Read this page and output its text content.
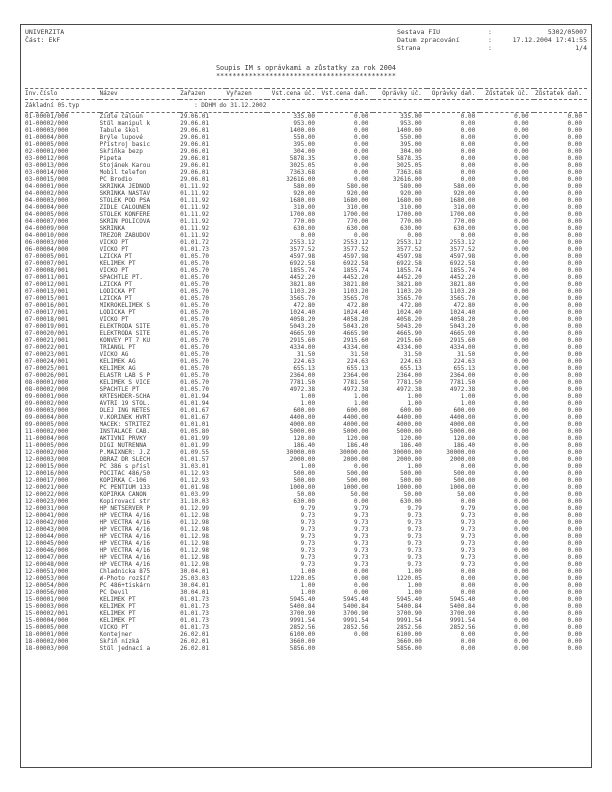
UNIVERZITA
Část: EkF
Sestava FIU	:	5302/05007
Datum zpracování	:	17.12.2004 17:41:55
Strana	:	1/4
Soupis IM s oprávkami a zůstatky za rok 2004
********************************************
Inv.číslo	Název	Zařazen	Vyřazen	Vst.cena úč.	Vst.cena daň.	Oprávky úč.	Oprávky daň.	Zůstatek úč.	Zůstatek daň.
Základní 05.typ		: DDHM do 31.12.2002							
01-00001/000	Židle čaloun	29.06.01		335.00	0.00	335.00	0.00	0.00	0.00
01-00002/000	Stůl manipul k	29.06.01		953.00	0.00	953.00	0.00	0.00	0.00
01-00003/000	Tabule škol	29.06.01		1400.00	0.00	1400.00	0.00	0.00	0.00
01-00004/000	Brýle lupové	29.06.01		550.00	0.00	550.00	0.00	0.00	0.00
01-00005/000	Přístroj basic	29.06.01		395.00	0.00	395.00	0.00	0.00	0.00
02-00001/000	Skříňka bezp	29.06.01		304.00	0.00	304.00	0.00	0.00	0.00
03-00012/000	Pipeta	29.06.01		5878.35	0.00	5878.35	0.00	0.00	0.00
03-00013/000	Stojánek Karou	29.06.01		3025.05	0.00	3025.05	0.00	0.00	0.00
03-00014/000	Mobil telefon	29.06.01		7363.68	0.00	7363.68	0.00	0.00	0.00
03-00015/000	PC Brodio	29.06.01		32616.00	0.00	32616.00	0.00	0.00	0.00
04-00001/000	SKRINKA JEDNOD	01.11.92		580.00	580.00	580.00	580.00	0.00	0.00
04-00002/000	SKRINKA NASTAV	01.11.92		920.00	920.00	920.00	920.00	0.00	0.00
04-00003/000	STOLEK POD PSA	01.11.92		1680.00	1680.00	1680.00	1680.00	0.00	0.00
04-00004/000	ZIDLE CALOUNEN	01.11.92		310.00	310.00	310.00	310.00	0.00	0.00
04-00005/000	STOLEK KONFERE	01.11.92		1700.00	1700.00	1700.00	1700.00	0.00	0.00
04-00007/000	SKRIN POLICOVA	01.11.92		770.00	770.00	770.00	770.00	0.00	0.00
04-00009/000	SKRINKA	01.11.92		630.00	630.00	630.00	630.00	0.00	0.00
04-00010/000	TREZOR ZABUDOV	01.11.92		0.00	0.00	0.00	0.00	0.00	0.00
06-00003/000	VICKO PT	01.01.72		2553.12	2553.12	2553.12	2553.12	0.00	0.00
06-00004/000	VICKO PT	01.01.73		3577.52	3577.52	3577.52	3577.52	0.00	0.00
07-00005/001	LZICKA PT	01.05.70		4597.98	4597.98	4597.98	4597.98	0.00	0.00
07-00007/001	KELIMEK PT	01.05.70		6922.58	6922.58	6922.58	6922.58	0.00	0.00
07-00008/001	VICKO PT	01.05.70		1855.74	1855.74	1855.74	1855.74	0.00	0.00
07-00011/001	SPACHTLE PT.	01.05.70		4452.20	4452.20	4452.20	4452.20	0.00	0.00
07-00012/001	LZICKA PT	01.05.70		3821.80	3821.80	3821.80	3821.80	0.00	0.00
07-00013/001	LODICKA PT	01.05.70		1103.20	1103.20	1103.20	1103.20	0.00	0.00
07-00015/001	LZICKA PT	01.05.70		3565.70	3565.70	3565.70	3565.70	0.00	0.00
07-00016/001	MIKROKELIMEK S	01.05.70		472.80	472.80	472.80	472.80	0.00	0.00
07-00017/001	LODICKA PT	01.05.70		1024.40	1024.40	1024.40	1024.40	0.00	0.00
07-00018/001	VICKO PT	01.05.70		4058.20	4058.20	4058.20	4058.20	0.00	0.00
07-00019/001	ELEKTRODA SITE	01.05.70		5043.20	5043.20	5043.20	5043.20	0.00	0.00
07-00020/001	ELEKTRODA SITE	01.05.70		4665.90	4665.90	4665.90	4665.90	0.00	0.00
07-00021/001	KONVEY PT 7 KU	01.05.70		2915.60	2915.60	2915.60	2915.60	0.00	0.00
07-00022/001	TRIANGL PT	01.05.70		4334.00	4334.00	4334.00	4334.00	0.00	0.00
07-00023/001	VICKO AG	01.05.70		31.50	31.50	31.50	31.50	0.00	0.00
07-00024/001	KELIMEK AG	01.05.70		224.63	224.63	224.63	224.63	0.00	0.00
07-00025/001	KELIMEK AG	01.05.70		655.13	655.13	655.13	655.13	0.00	0.00
07-00026/001	ELASTR LAB S P	01.05.70		2364.00	2364.00	2364.00	2364.00	0.00	0.00
08-00001/000	KELIMEK S VICE	01.05.70		7781.50	7781.50	7781.50	7781.50	0.00	0.00
08-00002/000	SPACHTLE PT	01.05.70		4972.38	4972.38	4972.38	4972.38	0.00	0.00
09-00001/000	KRTESHDER-SCHA	01.01.94		1.00	1.00	1.00	1.00	0.00	0.00
09-00002/000	AVTRI 19 STOL.	01.01.94		1.00	1.00	1.00	1.00	0.00	0.00
09-00003/000	OLEJ ING NETES	01.01.67		600.00	600.00	600.00	600.00	0.00	0.00
09-00004/000	V.KORINEK HVRT	01.01.67		4400.00	4400.00	4400.00	4400.00	0.00	0.00
09-00005/000	MACEK: STRITEZ	01.01.01		4000.00	4000.00	4000.00	4000.00	0.00	0.00
11-00002/000	INSTALACE CAB.	01.05.80		5000.00	5000.00	5000.00	5000.00	0.00	0.00
11-00004/000	AKTIVNI PRVKY	01.01.99		120.00	120.00	120.00	120.00	0.00	0.00
11-00005/000	DIGI NUTRENNA	01.01.99		186.40	186.40	186.40	186.40	0.00	0.00
12-00002/000	P.MAIXNER: J.Z	01.09.55		30000.00	30000.00	30000.00	30000.00	0.00	0.00
12-00003/000	OBRAZ DR SLECH	01.01.57		2000.00	2000.00	2000.00	2000.00	0.00	0.00
12-00015/000	PC 386 s přísl	31.03.01		1.00	0.00	1.00	0.00	0.00	0.00
12-00016/000	POCITAC 486/50	01.12.93		500.00	500.00	500.00	500.00	0.00	0.00
12-00017/000	KOPIRKA C-106	01.12.93		500.00	500.00	500.00	500.00	0.00	0.00
12-00021/000	PC PENTIUM 133	01.01.98		1000.00	1000.00	1000.00	1000.00	0.00	0.00
12-00022/000	KOPIRKA CANON	01.03.99		50.00	50.00	50.00	50.00	0.00	0.00
12-00023/000	Kopírovací str	31.10.03		630.00	0.00	630.00	0.00	0.00	0.00
12-00031/000	HP NETSERVER P	01.12.99		9.79	9.79	9.79	9.79	0.00	0.00
12-00041/000	HP VECTRA 4/16	01.12.98		9.73	9.73	9.73	9.73	0.00	0.00
12-00042/000	HP VECTRA 4/16	01.12.98		9.73	9.73	9.73	9.73	0.00	0.00
12-00043/000	HP VECTRA 4/16	01.12.98		9.73	9.73	9.73	9.73	0.00	0.00
12-00044/000	HP VECTRA 4/16	01.12.98		9.73	9.73	9.73	9.73	0.00	0.00
12-00045/000	HP VECTRA 4/16	01.12.98		9.73	9.73	9.73	9.73	0.00	0.00
12-00046/000	HP VECTRA 4/16	01.12.98		9.73	9.73	9.73	9.73	0.00	0.00
12-00047/000	HP VECTRA 4/16	01.12.98		9.73	9.73	9.73	9.73	0.00	0.00
12-00048/000	HP VECTRA 4/16	01.12.98		9.73	9.73	9.73	9.73	0.00	0.00
12-00051/000	Chladnicka 875	30.04.01		1.00	0.00	1.00	0.00	0.00	0.00
12-00053/000	W-Photo rozšíř	25.03.03		1220.05	0.00	1220.05	0.00	0.00	0.00
12-00054/000	PC 486+tiskárn	30.04.01		1.00	0.00	1.00	0.00	0.00	0.00
12-00056/000	PC Devil	30.04.01		1.00	0.00	1.00	0.00	0.00	0.00
15-00001/000	KELIMEK PT	01.01.73		5945.40	5945.40	5945.40	5945.40	0.00	0.00
15-00003/000	KELIMEK PT	01.01.73		5400.84	5400.84	5400.84	5400.84	0.00	0.00
15-00002/001	KELIMEK PT	01.01.73		3700.90	3700.90	3700.90	3700.90	0.00	0.00
15-00004/000	KELIMEK PT	01.01.73		9991.54	9991.54	9991.54	9991.54	0.00	0.00
15-00005/000	VICKO PT	01.01.73		2852.56	2852.56	2852.56	2852.56	0.00	0.00
18-00001/000	Kontejner	26.02.01		6100.00	0.00	6100.00	0.00	0.00	0.00
18-00002/000	Skříň nízká	26.02.01		3660.00		3660.00	0.00	0.00	0.00
18-00003/000	Stůl jednací a	26.02.01		5856.00		5856.00	0.00	0.00	0.00
